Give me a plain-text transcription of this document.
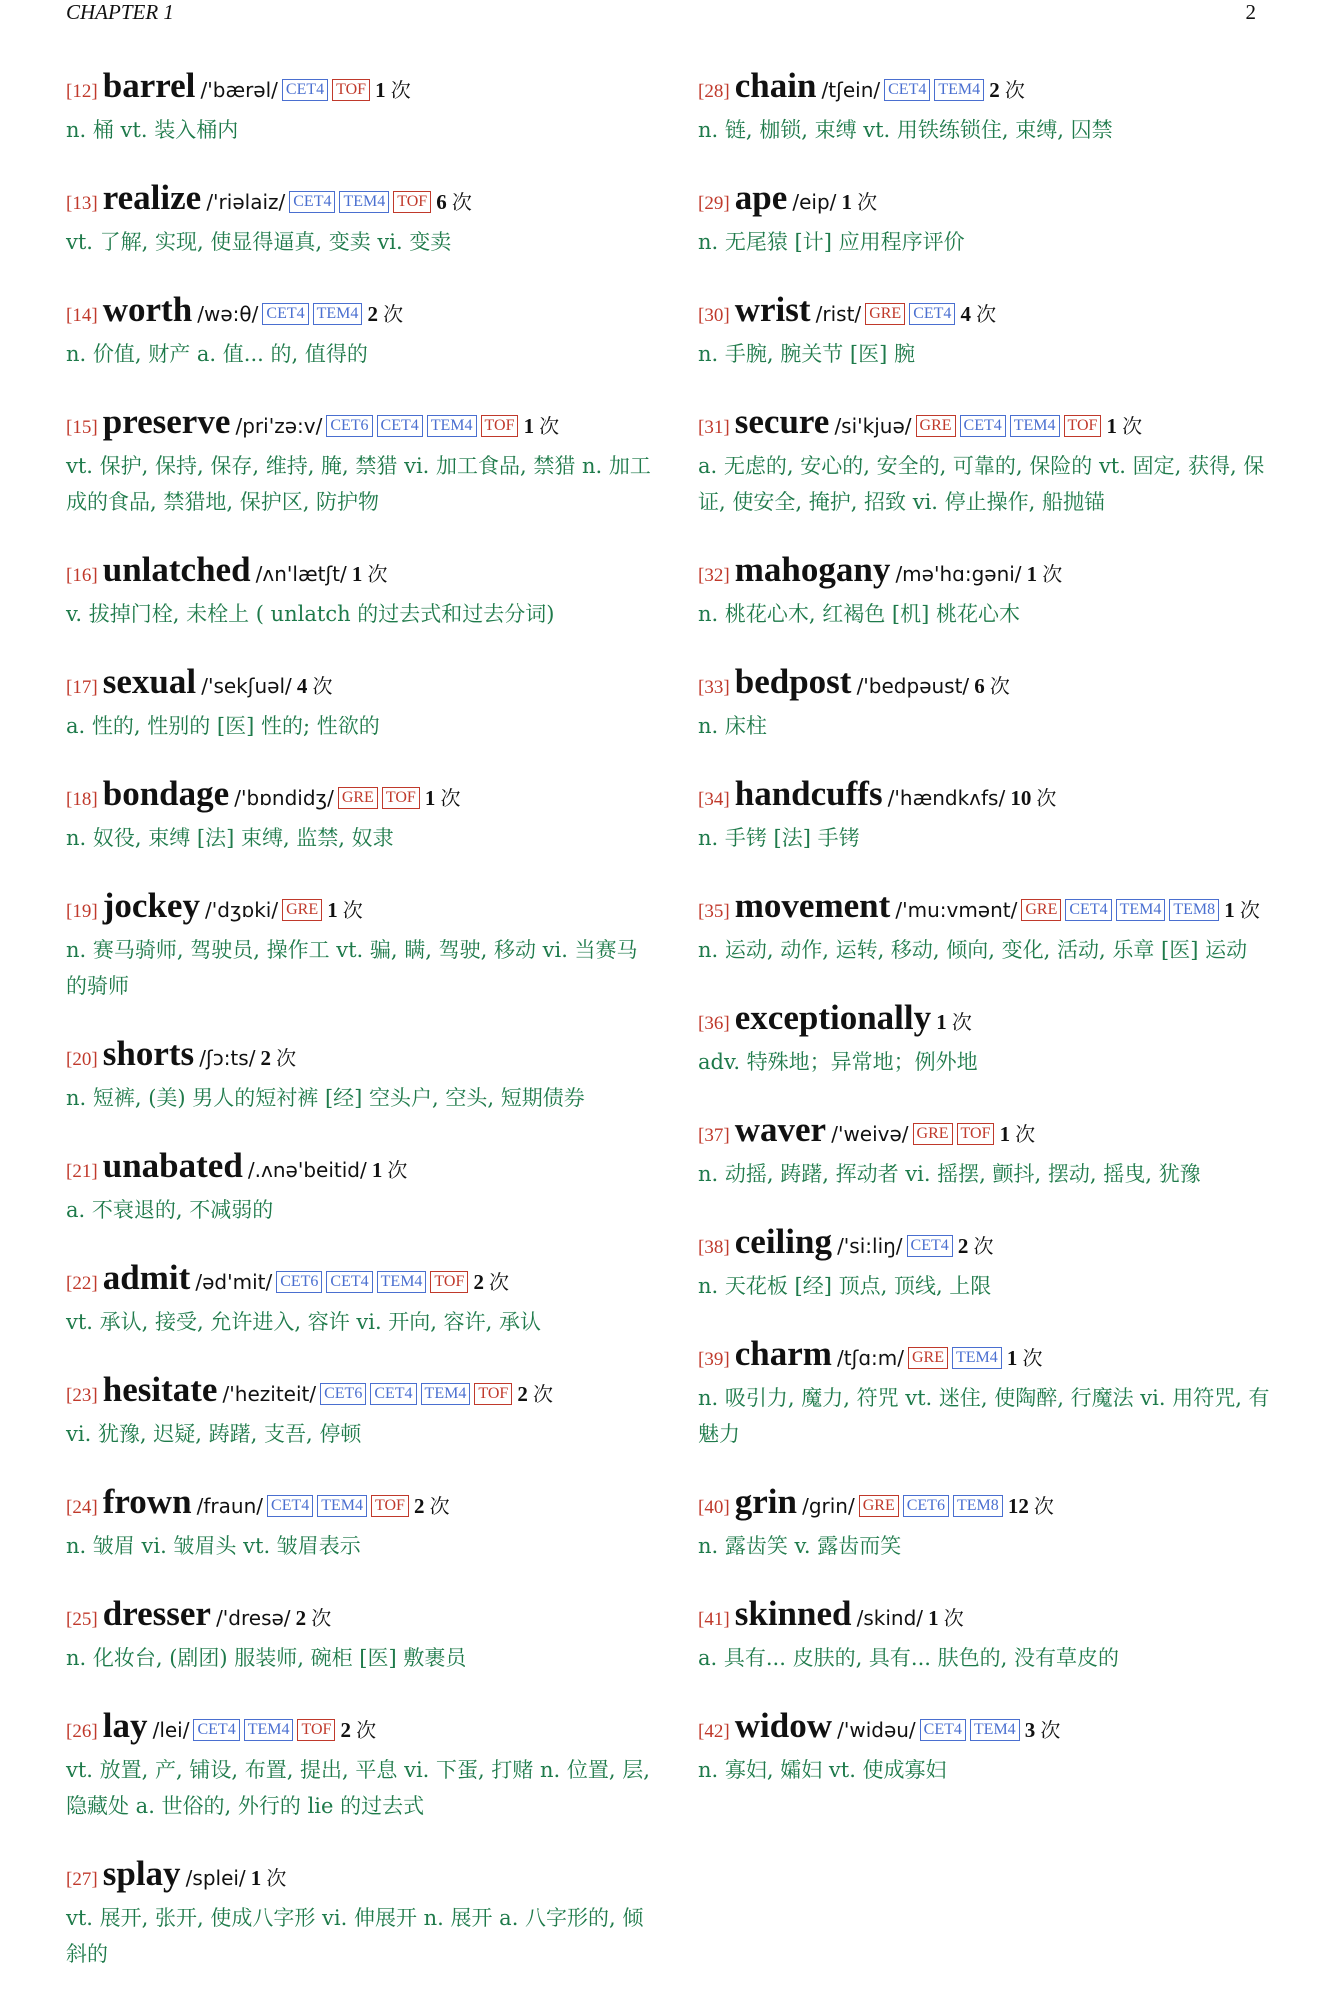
CHAPTER 1	2
[12] barrel /'bærəl/ CET4 TOF 1 次
n. 桶 vt. 装入桶内
[13] realize /'riəlaiz/ CET4 TEM4 TOF 6 次
vt. 了解, 实现, 使显得逼真, 变卖 vi. 变卖
[14] worth /wə:θ/ CET4 TEM4 2 次
n. 价值, 财产 a. 值... 的, 值得的
[15] preserve /pri'zə:v/ CET6 CET4 TEM4 TOF 1 次
vt. 保护, 保持, 保存, 维持, 腌, 禁猎 vi. 加工食品, 禁猎 n. 加工成的食品, 禁猎地, 保护区, 防护物
[16] unlatched /ʌn'lætʃt/ 1 次
v. 拔掉门栓, 未栓上 ( unlatch 的过去式和过去分词)
[17] sexual /'sekʃuəl/ 4 次
a. 性的, 性别的 [医] 性的; 性欲的
[18] bondage /'bɒndidʒ/ GRE TOF 1 次
n. 奴役, 束缚 [法] 束缚, 监禁, 奴隶
[19] jockey /'dʒɒki/ GRE 1 次
n. 赛马骑师, 驾驶员, 操作工 vt. 骗, 瞒, 驾驶, 移动 vi. 当赛马的骑师
[20] shorts /ʃɔ:ts/ 2 次
n. 短裤, (美) 男人的短衬裤 [经] 空头户, 空头, 短期债券
[21] unabated /.ʌnə'beitid/ 1 次
a. 不衰退的, 不减弱的
[22] admit /əd'mit/ CET6 CET4 TEM4 TOF 2 次
vt. 承认, 接受, 允许进入, 容许 vi. 开向, 容许, 承认
[23] hesitate /'heziteit/ CET6 CET4 TEM4 TOF 2 次
vi. 犹豫, 迟疑, 踌躇, 支吾, 停顿
[24] frown /fraun/ CET4 TEM4 TOF 2 次
n. 皱眉 vi. 皱眉头 vt. 皱眉表示
[25] dresser /'dresə/ 2 次
n. 化妆台, (剧团) 服装师, 碗柜 [医] 敷裹员
[26] lay /lei/ CET4 TEM4 TOF 2 次
vt. 放置, 产, 铺设, 布置, 提出, 平息 vi. 下蛋, 打赌 n. 位置, 层, 隐藏处 a. 世俗的, 外行的 lie 的过去式
[27] splay /splei/ 1 次
vt. 展开, 张开, 使成八字形 vi. 伸展开 n. 展开 a. 八字形的, 倾斜的
[28] chain /tʃein/ CET4 TEM4 2 次
n. 链, 枷锁, 束缚 vt. 用铁练锁住, 束缚, 囚禁
[29] ape /eip/ 1 次
n. 无尾猿 [计] 应用程序评价
[30] wrist /rist/ GRE CET4 4 次
n. 手腕, 腕关节 [医] 腕
[31] secure /si'kjuə/ GRE CET4 TEM4 TOF 1 次
a. 无虑的, 安心的, 安全的, 可靠的, 保险的 vt. 固定, 获得, 保证, 使安全, 掩护, 招致 vi. 停止操作, 船抛锚
[32] mahogany /mə'hɑ:gəni/ 1 次
n. 桃花心木, 红褐色 [机] 桃花心木
[33] bedpost /'bedpəust/ 6 次
n. 床柱
[34] handcuffs /'hændkʌfs/ 10 次
n. 手铐 [法] 手铐
[35] movement /'mu:vmənt/ GRE CET4 TEM4 TEM8 1 次
n. 运动, 动作, 运转, 移动, 倾向, 变化, 活动, 乐章 [医] 运动
[36] exceptionally 1 次
adv. 特殊地；异常地；例外地
[37] waver /'weivə/ GRE TOF 1 次
n. 动摇, 踌躇, 挥动者 vi. 摇摆, 颤抖, 摆动, 摇曳, 犹豫
[38] ceiling /'si:liŋ/ CET4 2 次
n. 天花板 [经] 顶点, 顶线, 上限
[39] charm /tʃɑ:m/ GRE TEM4 1 次
n. 吸引力, 魔力, 符咒 vt. 迷住, 使陶醉, 行魔法 vi. 用符咒, 有魅力
[40] grin /grin/ GRE CET6 TEM8 12 次
n. 露齿笑 v. 露齿而笑
[41] skinned /skind/ 1 次
a. 具有... 皮肤的, 具有... 肤色的, 没有草皮的
[42] widow /'widəu/ CET4 TEM4 3 次
n. 寡妇, 孀妇 vt. 使成寡妇
